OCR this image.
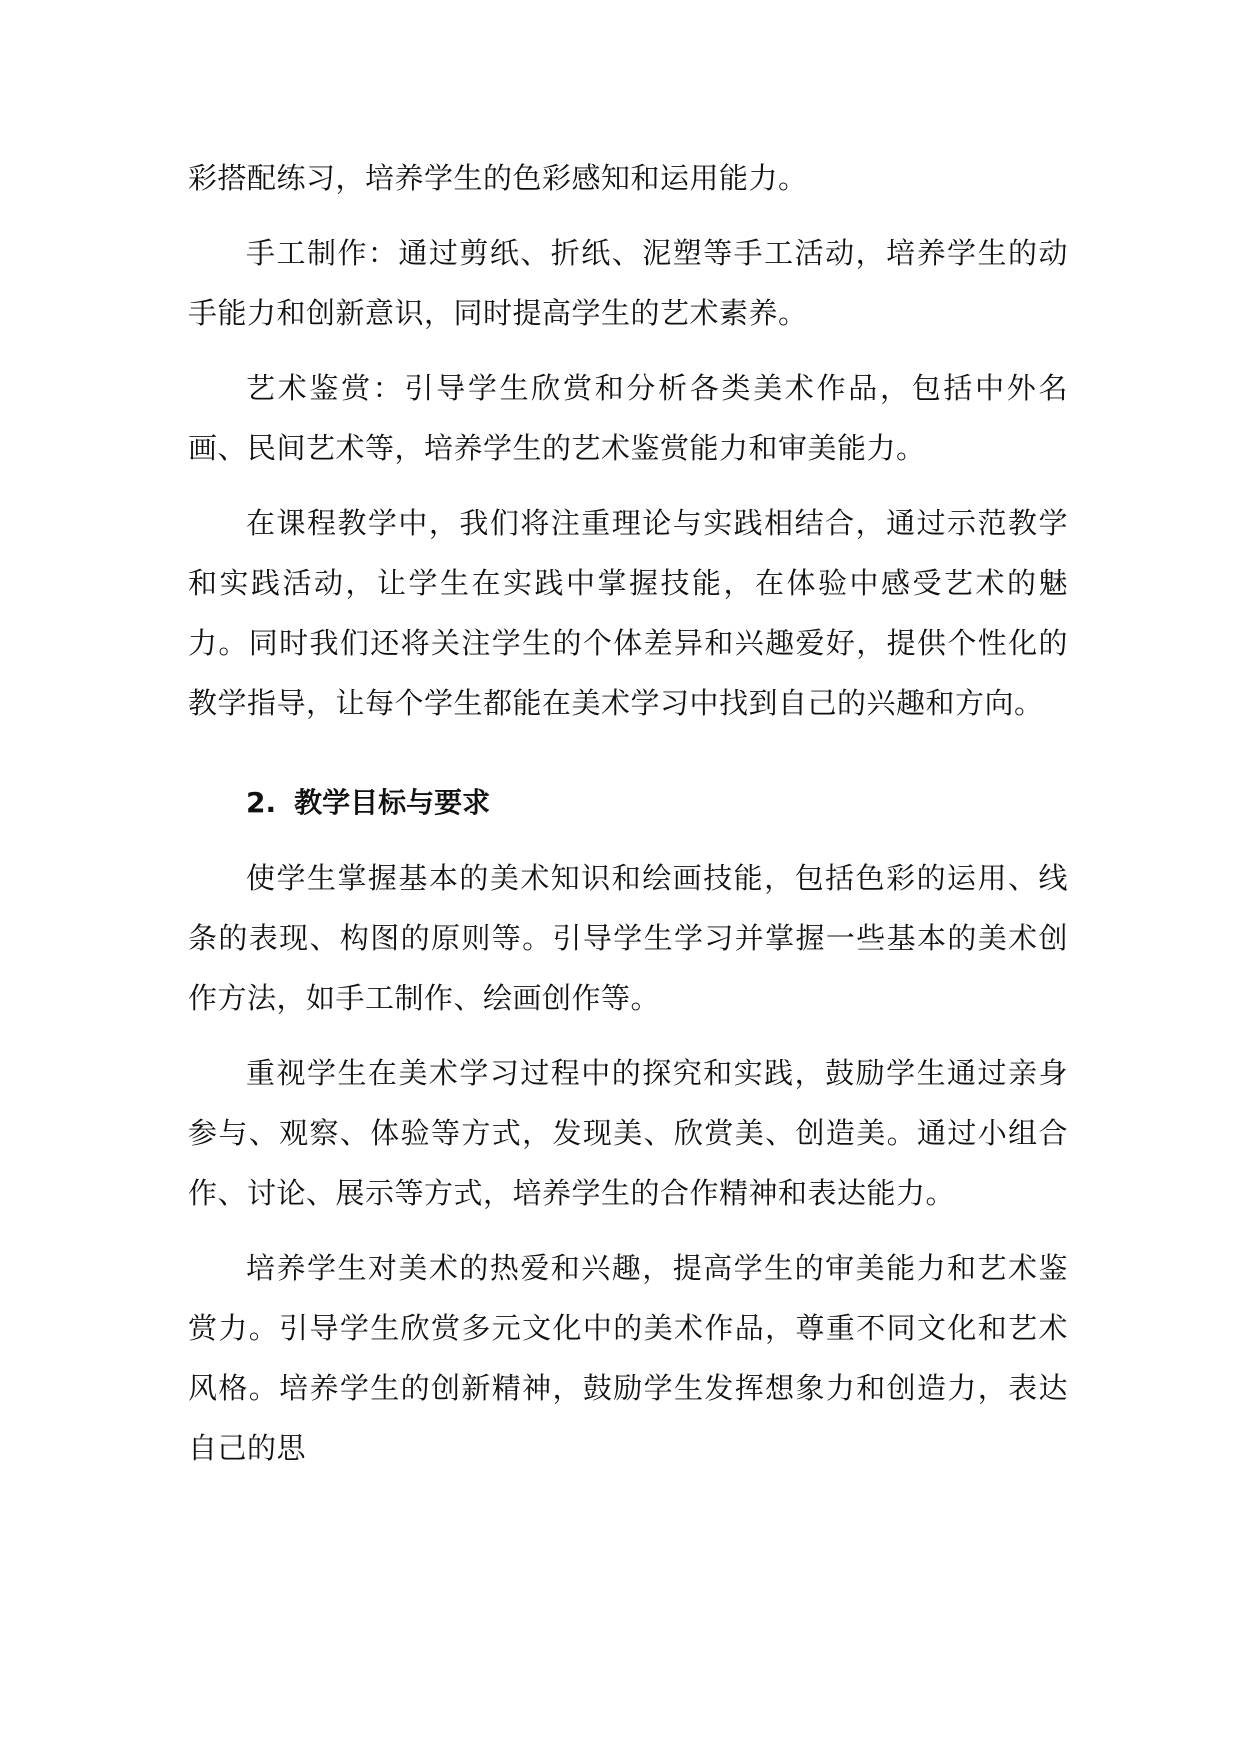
彩搭配练习，培养学生的色彩感知和运用能力。

手工制作：通过剪纸、折纸、泥塑等手工活动，培养学生的动手能力和创新意识，同时提高学生的艺术素养。

艺术鉴赏：引导学生欣赏和分析各类美术作品，包括中外名画、民间艺术等，培养学生的艺术鉴赏能力和审美能力。

在课程教学中，我们将注重理论与实践相结合，通过示范教学和实践活动，让学生在实践中掌握技能，在体验中感受艺术的魅力。同时我们还将关注学生的个体差异和兴趣爱好，提供个性化的教学指导，让每个学生都能在美术学习中找到自己的兴趣和方向。

2. 教学目标与要求

使学生掌握基本的美术知识和绘画技能，包括色彩的运用、线条的表现、构图的原则等。引导学生学习并掌握一些基本的美术创作方法，如手工制作、绘画创作等。

重视学生在美术学习过程中的探究和实践，鼓励学生通过亲身参与、观察、体验等方式，发现美、欣赏美、创造美。通过小组合作、讨论、展示等方式，培养学生的合作精神和表达能力。

培养学生对美术的热爱和兴趣，提高学生的审美能力和艺术鉴赏力。引导学生欣赏多元文化中的美术作品，尊重不同文化和艺术风格。培养学生的创新精神，鼓励学生发挥想象力和创造力，表达自己的思
